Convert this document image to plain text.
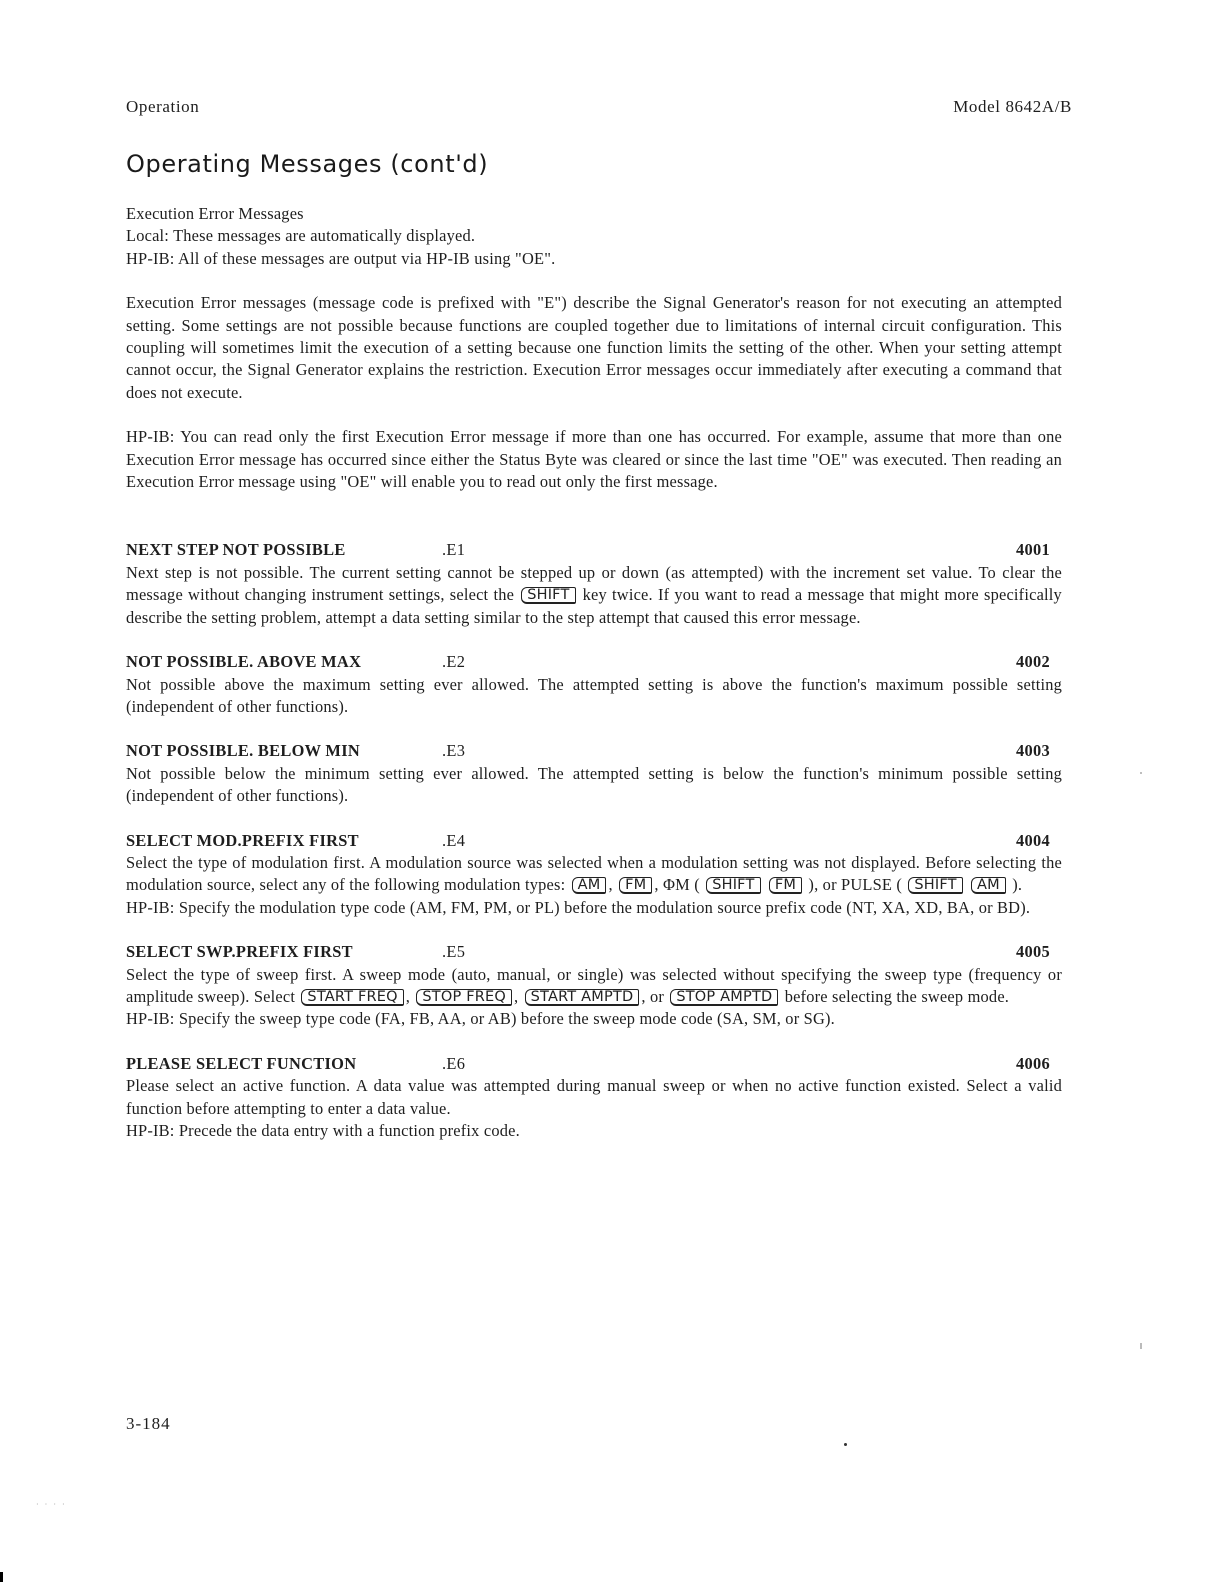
Operation	Model 8642A/B
Operating Messages (cont'd)

Execution Error Messages

Local: These messages are automatically displayed.

HP-IB: All of these messages are output via HP-IB using "OE".

Execution Error messages (message code is prefixed with "E") describe the Signal Generator's reason for not executing an attempted setting. Some settings are not possible because functions are coupled together due to limitations of internal circuit configuration. This coupling will sometimes limit the execution of a setting because one function limits the setting of the other. When your setting attempt cannot occur, the Signal Generator explains the restriction. Execution Error messages occur immediately after executing a command that does not execute.

HP-IB: You can read only the first Execution Error message if more than one has occurred. For example, assume that more than one Execution Error message has occurred since either the Status Byte was cleared or since the last time "OE" was executed. Then reading an Execution Error message using "OE" will enable you to read out only the first message.

NEXT STEP NOT POSSIBLE	.E1	4001

Next step is not possible. The current setting cannot be stepped up or down (as attempted) with the increment set value. To clear the message without changing instrument settings, select the SHIFT key twice. If you want to read a message that might more specifically describe the setting problem, attempt a data setting similar to the step attempt that caused this error message.

NOT POSSIBLE. ABOVE MAX	.E2	4002

Not possible above the maximum setting ever allowed. The attempted setting is above the function's maximum possible setting (independent of other functions).

NOT POSSIBLE. BELOW MIN	.E3	4003

Not possible below the minimum setting ever allowed. The attempted setting is below the function's minimum possible setting (independent of other functions).

SELECT MOD.PREFIX FIRST	.E4	4004

Select the type of modulation first. A modulation source was selected when a modulation setting was not displayed. Before selecting the modulation source, select any of the following modulation types: AM , FM , ΦM ( SHIFT FM ), or PULSE ( SHIFT AM ).

HP-IB: Specify the modulation type code (AM, FM, PM, or PL) before the modulation source prefix code (NT, XA, XD, BA, or BD).

SELECT SWP.PREFIX FIRST	.E5	4005

Select the type of sweep first. A sweep mode (auto, manual, or single) was selected without specifying the sweep type (frequency or amplitude sweep). Select START FREQ , STOP FREQ , START AMPTD , or STOP AMPTD before selecting the sweep mode.

HP-IB: Specify the sweep type code (FA, FB, AA, or AB) before the sweep mode code (SA, SM, or SG).

PLEASE SELECT FUNCTION	.E6	4006

Please select an active function. A data value was attempted during manual sweep or when no active function existed. Select a valid function before attempting to enter a data value.

HP-IB: Precede the data entry with a function prefix code.

3-184
· · · ·
